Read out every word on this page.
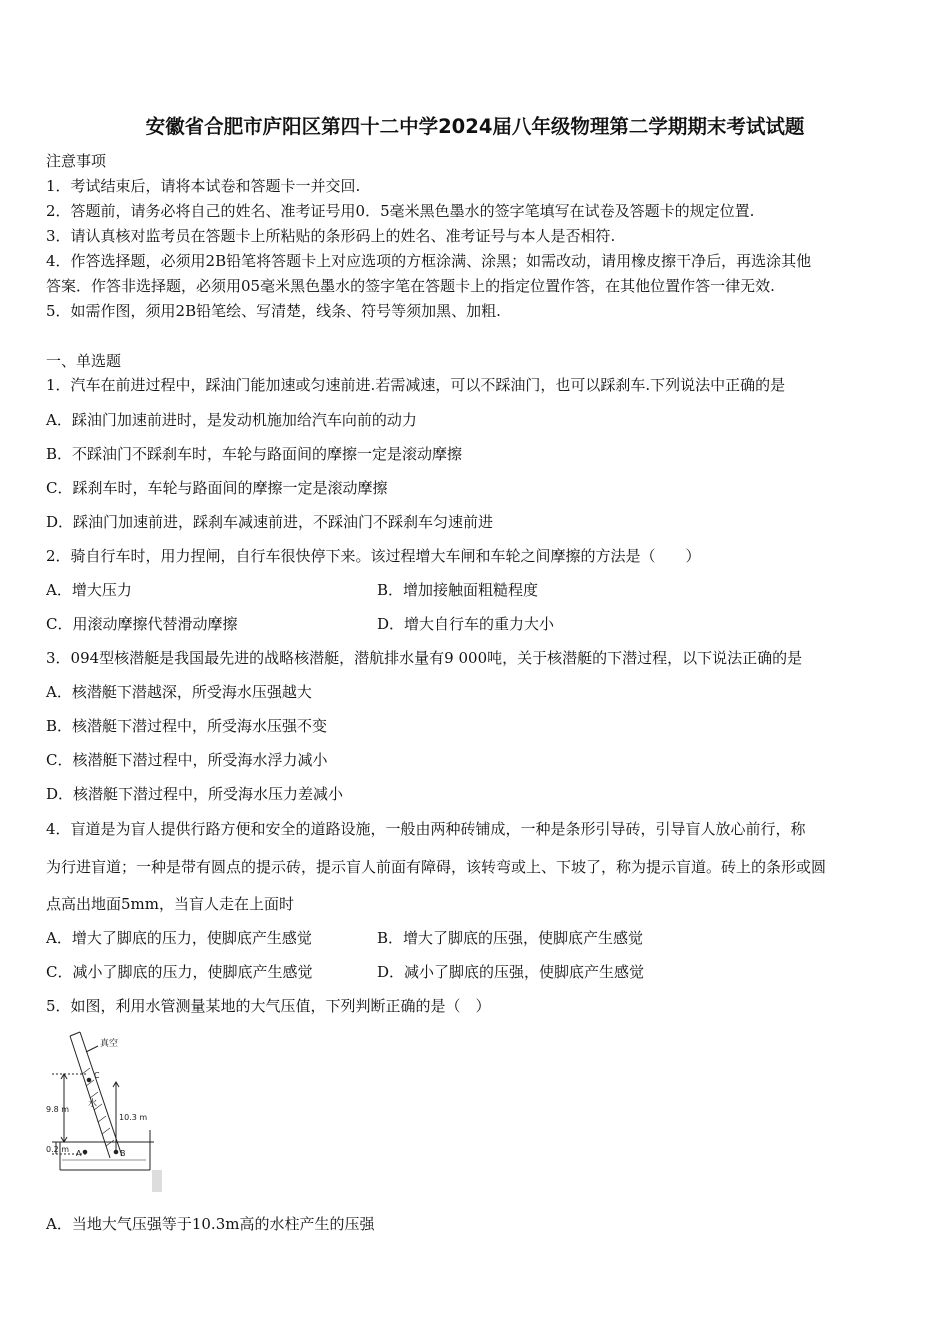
安徽省合肥市庐阳区第四十二中学2024届八年级物理第二学期期末考试试题
注意事项
1．考试结束后，请将本试卷和答题卡一并交回.
2．答题前，请务必将自己的姓名、准考证号用0．5毫米黑色墨水的签字笔填写在试卷及答题卡的规定位置.
3．请认真核对监考员在答题卡上所粘贴的条形码上的姓名、准考证号与本人是否相符.
4．作答选择题，必须用2B铅笔将答题卡上对应选项的方框涂满、涂黑；如需改动，请用橡皮擦干净后，再选涂其他
答案．作答非选择题，必须用05毫米黑色墨水的签字笔在答题卡上的指定位置作答，在其他位置作答一律无效.
5．如需作图，须用2B铅笔绘、写清楚，线条、符号等须加黑、加粗.
一、单选题
1．汽车在前进过程中，踩油门能加速或匀速前进.若需减速，可以不踩油门，也可以踩刹车.下列说法中正确的是
A．踩油门加速前进时，是发动机施加给汽车向前的动力
B．不踩油门不踩刹车时，车轮与路面间的摩擦一定是滚动摩擦
C．踩刹车时，车轮与路面间的摩擦一定是滚动摩擦
D．踩油门加速前进，踩刹车减速前进，不踩油门不踩刹车匀速前进
2．骑自行车时，用力捏闸，自行车很快停下来。该过程增大车闸和车轮之间摩擦的方法是（　　）
A．增大压力	B．增加接触面粗糙程度
C．用滚动摩擦代替滑动摩擦	D．增大自行车的重力大小
3．094型核潜艇是我国最先进的战略核潜艇，潜航排水量有9 000吨，关于核潜艇的下潜过程，以下说法正确的是
A．核潜艇下潜越深，所受海水压强越大
B．核潜艇下潜过程中，所受海水压强不变
C．核潜艇下潜过程中，所受海水浮力减小
D．核潜艇下潜过程中，所受海水压力差减小
4．盲道是为盲人提供行路方便和安全的道路设施，一般由两种砖铺成，一种是条形引导砖，引导盲人放心前行，称
为行进盲道；一种是带有圆点的提示砖，提示盲人前面有障碍，该转弯或上、下坡了，称为提示盲道。砖上的条形或圆
点高出地面5mm，当盲人走在上面时
A．增大了脚底的压力，使脚底产生感觉	B．增大了脚底的压强，使脚底产生感觉
C．减小了脚底的压力，使脚底产生感觉	D．减小了脚底的压强，使脚底产生感觉
5．如图，利用水管测量某地的大气压值，下列判断正确的是（　）
真空
C
水
9.8 m
10.3 m
0.2 m A	B
A．当地大气压强等于10.3m高的水柱产生的压强
